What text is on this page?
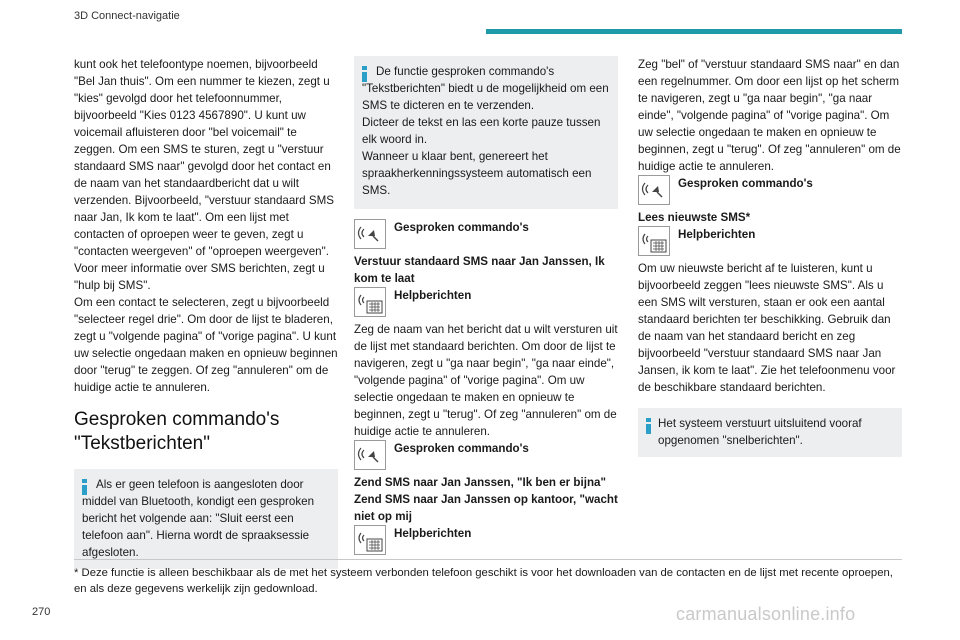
3D Connect-navigatie

kunt ook het telefoontype noemen, bijvoorbeeld "Bel Jan thuis". Om een nummer te kiezen, zegt u "kies" gevolgd door het telefoonnummer, bijvoorbeeld "Kies 0123 4567890". U kunt uw voicemail afluisteren door "bel voicemail" te zeggen. Om een SMS te sturen, zegt u "verstuur standaard SMS naar" gevolgd door het contact en de naam van het standaardbericht dat u wilt verzenden. Bijvoorbeeld, "verstuur standaard SMS naar Jan, Ik kom te laat". Om een lijst met contacten of oproepen weer te geven, zegt u "contacten weergeven" of "oproepen weergeven". Voor meer informatie over SMS berichten, zegt u "hulp bij SMS".

Om een contact te selecteren, zegt u bijvoorbeeld "selecteer regel drie". Om door de lijst te bladeren, zegt u "volgende pagina" of "vorige pagina". U kunt uw selectie ongedaan maken en opnieuw beginnen door "terug" te zeggen. Of zeg "annuleren" om de huidige actie te annuleren.

Gesproken commando's "Tekstberichten"

Als er geen telefoon is aangesloten door middel van Bluetooth, kondigt een gesproken bericht het volgende aan: "Sluit eerst een telefoon aan". Hierna wordt de spraaksessie afgesloten.

De functie gesproken commando's "Tekstberichten" biedt u de mogelijkheid om een SMS te dicteren en te verzenden.

Dicteer de tekst en las een korte pauze tussen elk woord in.

Wanneer u klaar bent, genereert het spraakherkenningssysteem automatisch een SMS.

Gesproken commando's

Verstuur standaard SMS naar Jan Janssen, Ik kom te laat

Helpberichten

Zeg de naam van het bericht dat u wilt versturen uit de lijst met standaard berichten. Om door de lijst te navigeren, zegt u "ga naar begin", "ga naar einde", "volgende pagina" of "vorige pagina". Om uw selectie ongedaan te maken en opnieuw te beginnen, zegt u "terug". Of zeg "annuleren" om de huidige actie te annuleren.

Gesproken commando's

Zend SMS naar Jan Janssen, "Ik ben er bijna"

Zend SMS naar Jan Janssen op kantoor, "wacht niet op mij

Helpberichten

Zeg "bel" of "verstuur standaard SMS naar" en dan een regelnummer. Om door een lijst op het scherm te navigeren, zegt u "ga naar begin", "ga naar einde", "volgende pagina" of "vorige pagina". Om uw selectie ongedaan te maken en opnieuw te beginnen, zegt u "terug". Of zeg "annuleren" om de huidige actie te annuleren.

Gesproken commando's

Lees nieuwste SMS*

Helpberichten

Om uw nieuwste bericht af te luisteren, kunt u bijvoorbeeld zeggen "lees nieuwste SMS". Als u een SMS wilt versturen, staan er ook een aantal standaard berichten ter beschikking. Gebruik dan de naam van het standaard bericht en zeg bijvoorbeeld "verstuur standaard SMS naar Jan Jansen, ik kom te laat". Zie het telefoonmenu voor de beschikbare standaard berichten.

Het systeem verstuurt uitsluitend vooraf opgenomen "snelberichten".

* Deze functie is alleen beschikbaar als de met het systeem verbonden telefoon geschikt is voor het downloaden van de contacten en de lijst met recente oproepen, en als deze gegevens werkelijk zijn gedownload.
270	carmanualsonline.info
